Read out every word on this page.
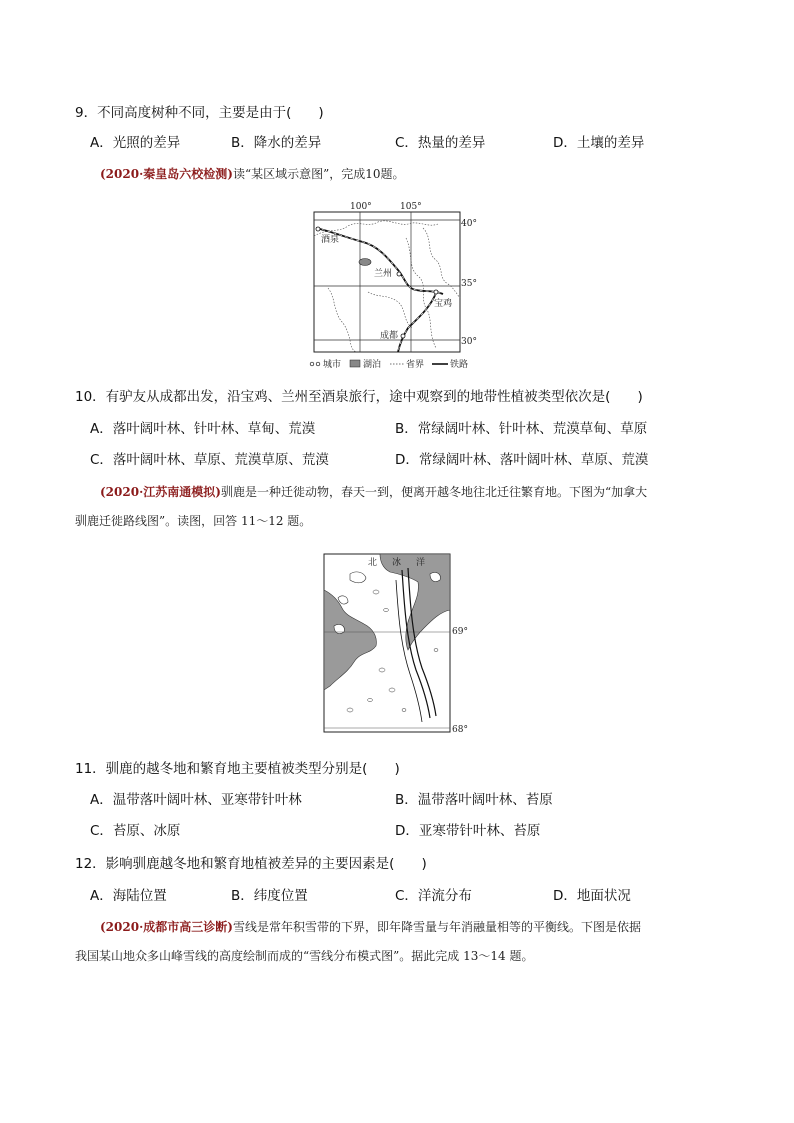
9．不同高度树种不同，主要是由于(　　)
A．光照的差异	B．降水的差异	C．热量的差异	D．土壤的差异
(2020·秦皇岛六校检测)读“某区域示意图”，完成10题。
100°	105°
40°
35°
30°
酒泉
兰州
宝鸡
成都
城市 湖泊	省界	铁路
10．有驴友从成都出发，沿宝鸡、兰州至酒泉旅行，途中观察到的地带性植被类型依次是(　　)
A．落叶阔叶林、针叶林、草甸、荒漠	B．常绿阔叶林、针叶林、荒漠草甸、草原
C．落叶阔叶林、草原、荒漠草原、荒漠	D．常绿阔叶林、落叶阔叶林、草原、荒漠
(2020·江苏南通模拟)驯鹿是一种迁徙动物，春天一到，便离开越冬地往北迁往繁育地。下图为“加拿大
驯鹿迁徙路线图”。读图，回答 11～12 题。
北 冰 洋
69°
68°
11．驯鹿的越冬地和繁育地主要植被类型分别是(　　)
A．温带落叶阔叶林、亚寒带针叶林	B．温带落叶阔叶林、苔原
C．苔原、冰原	D．亚寒带针叶林、苔原
12．影响驯鹿越冬地和繁育地植被差异的主要因素是(　　)
A．海陆位置	B．纬度位置	C．洋流分布	D．地面状况
(2020·成都市高三诊断)雪线是常年积雪带的下界，即年降雪量与年消融量相等的平衡线。下图是依据
我国某山地众多山峰雪线的高度绘制而成的“雪线分布模式图”。据此完成 13～14 题。
